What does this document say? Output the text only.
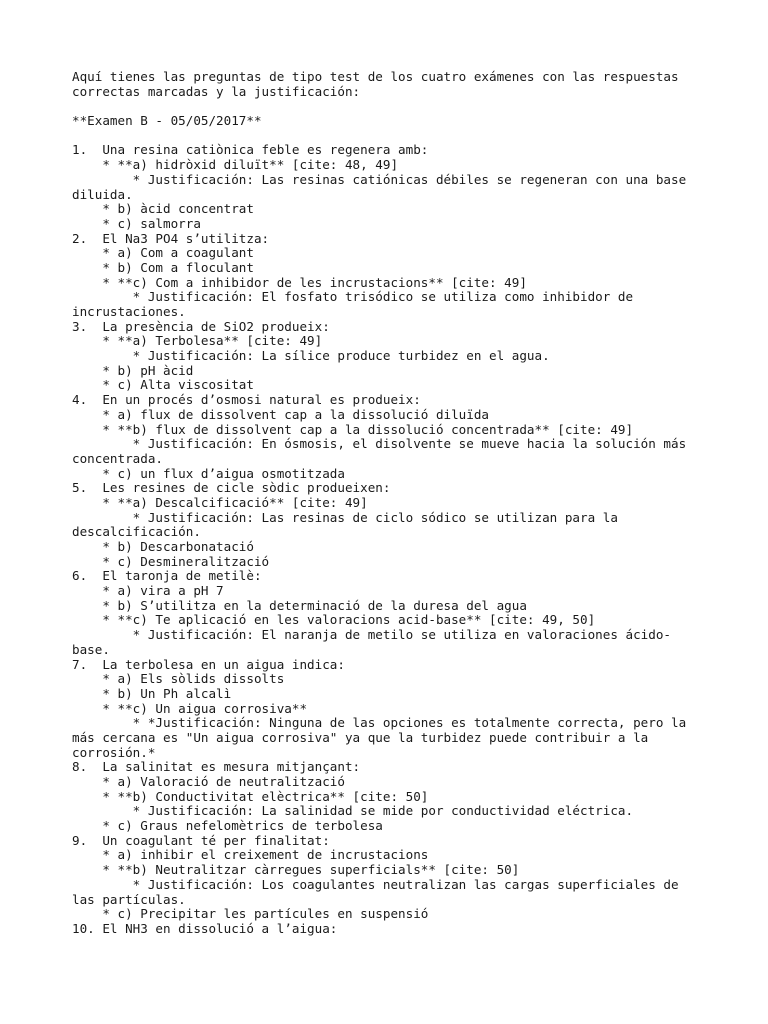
Aquí tienes las preguntas de tipo test de los cuatro exámenes con las respuestas
correctas marcadas y la justificación:
**Examen B - 05/05/2017**
1.  Una resina catiònica feble es regenera amb:
* **a) hidròxid diluït** [cite: 48, 49]
* Justificación: Las resinas catiónicas débiles se regeneran con una base
diluida.
* b) àcid concentrat
* c) salmorra
2.  El Na3 PO4 s’utilitza:
* a) Com a coagulant
* b) Com a floculant
* **c) Com a inhibidor de les incrustacions** [cite: 49]
* Justificación: El fosfato trisódico se utiliza como inhibidor de
incrustaciones.
3.  La presència de SiO2 produeix:
* **a) Terbolesa** [cite: 49]
* Justificación: La sílice produce turbidez en el agua.
* b) pH àcid
* c) Alta viscositat
4.  En un procés d’osmosi natural es produeix:
* a) flux de dissolvent cap a la dissolució diluïda
* **b) flux de dissolvent cap a la dissolució concentrada** [cite: 49]
* Justificación: En ósmosis, el disolvente se mueve hacia la solución más
concentrada.
* c) un flux d’aigua osmotitzada
5.  Les resines de cicle sòdic produeixen:
* **a) Descalcificació** [cite: 49]
* Justificación: Las resinas de ciclo sódico se utilizan para la
descalcificación.
* b) Descarbonatació
* c) Desmineralització
6.  El taronja de metilè:
* a) vira a pH 7
* b) S’utilitza en la determinació de la duresa del agua
* **c) Te aplicació en les valoracions acid-base** [cite: 49, 50]
* Justificación: El naranja de metilo se utiliza en valoraciones ácido-
base.
7.  La terbolesa en un aigua indica:
* a) Els sòlids dissolts
* b) Un Ph alcalì
* **c) Un aigua corrosiva**
* *Justificación: Ninguna de las opciones es totalmente correcta, pero la
más cercana es "Un aigua corrosiva" ya que la turbidez puede contribuir a la
corrosión.*
8.  La salinitat es mesura mitjançant:
* a) Valoració de neutralització
* **b) Conductivitat elèctrica** [cite: 50]
* Justificación: La salinidad se mide por conductividad eléctrica.
* c) Graus nefelomètrics de terbolesa
9.  Un coagulant té per finalitat:
* a) inhibir el creixement de incrustacions
* **b) Neutralitzar càrregues superficials** [cite: 50]
* Justificación: Los coagulantes neutralizan las cargas superficiales de
las partículas.
* c) Precipitar les partícules en suspensió
10. El NH3 en dissolució a l’aigua:
